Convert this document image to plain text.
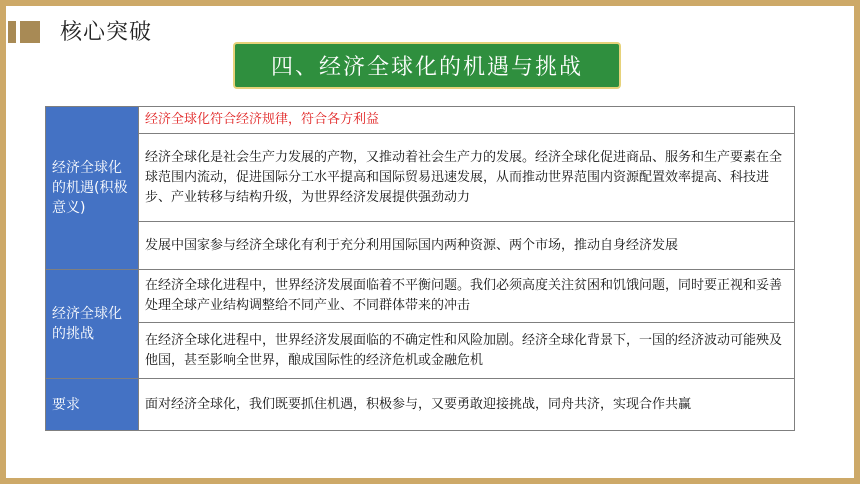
核心突破
四、经济全球化的机遇与挑战
经济全球化的机遇(积极意义)	经济全球化符合经济规律，符合各方利益
	经济全球化是社会生产力发展的产物，又推动着社会生产力的发展。经济全球化促进商品、服务和生产要素在全球范围内流动，促进国际分工水平提高和国际贸易迅速发展，从而推动世界范围内资源配置效率提高、科技进步、产业转移与结构升级，为世界经济发展提供强劲动力
	发展中国家参与经济全球化有利于充分利用国际国内两种资源、两个市场，推动自身经济发展
经济全球化的挑战	在经济全球化进程中，世界经济发展面临着不平衡问题。我们必须高度关注贫困和饥饿问题，同时要正视和妥善处理全球产业结构调整给不同产业、不同群体带来的冲击
	在经济全球化进程中，世界经济发展面临的不确定性和风险加剧。经济全球化背景下，一国的经济波动可能殃及他国，甚至影响全世界，酿成国际性的经济危机或金融危机
要求	面对经济全球化，我们既要抓住机遇，积极参与，又要勇敢迎接挑战，同舟共济，实现合作共赢
